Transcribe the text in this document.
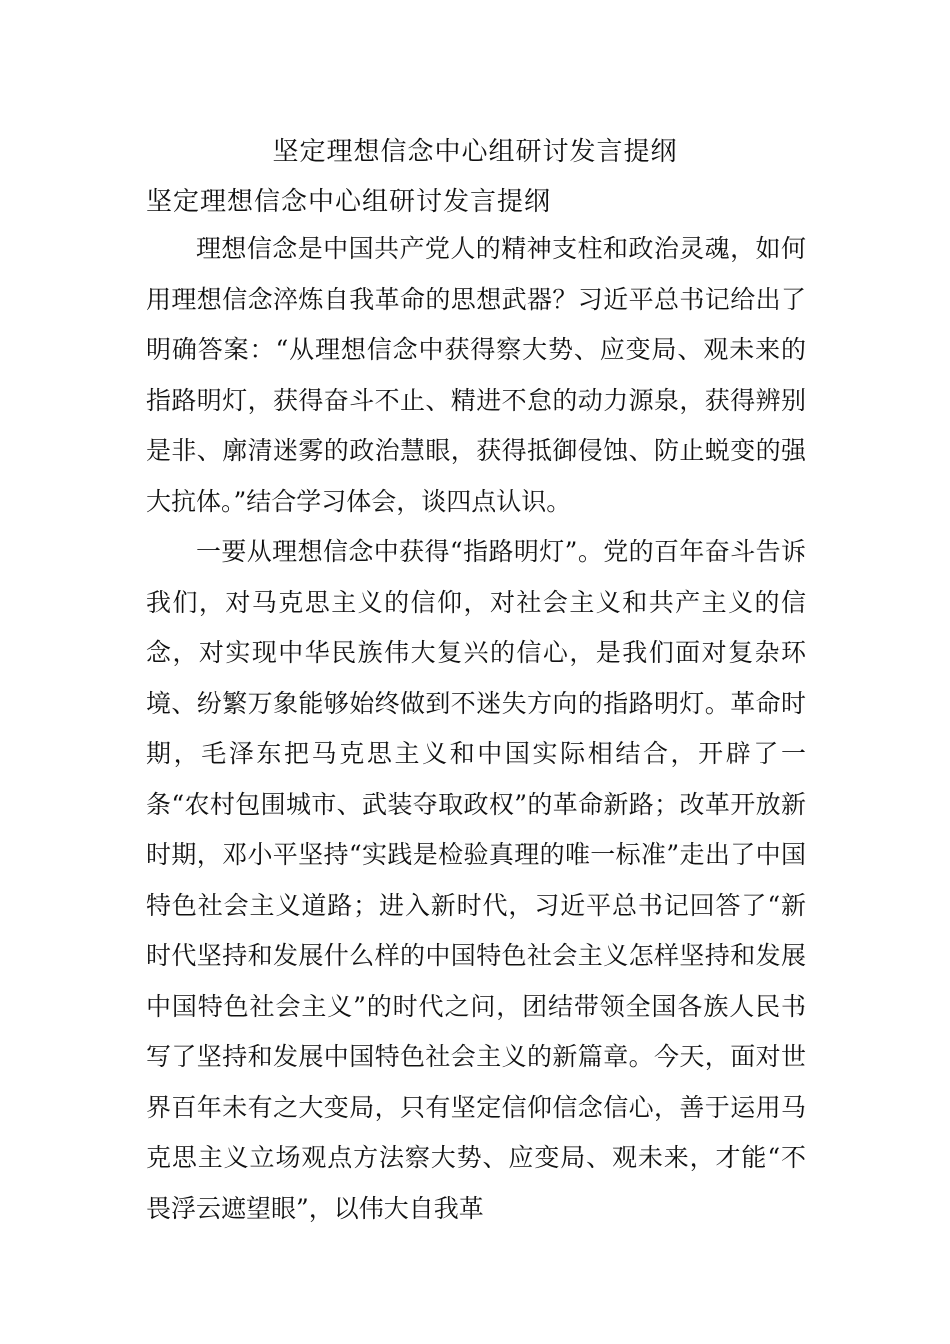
坚定理想信念中心组研讨发言提纲
坚定理想信念中心组研讨发言提纲

理想信念是中国共产党人的精神支柱和政治灵魂，如何用理想信念淬炼自我革命的思想武器？习近平总书记给出了明确答案：“从理想信念中获得察大势、应变局、观未来的指路明灯，获得奋斗不止、精进不怠的动力源泉，获得辨别是非、廓清迷雾的政治慧眼，获得抵御侵蚀、防止蜕变的强大抗体。”结合学习体会，谈四点认识。

一要从理想信念中获得“指路明灯”。党的百年奋斗告诉我们，对马克思主义的信仰，对社会主义和共产主义的信念，对实现中华民族伟大复兴的信心，是我们面对复杂环境、纷繁万象能够始终做到不迷失方向的指路明灯。革命时期，毛泽东把马克思主义和中国实际相结合，开辟了一条“农村包围城市、武装夺取政权”的革命新路；改革开放新时期，邓小平坚持“实践是检验真理的唯一标准”走出了中国特色社会主义道路；进入新时代，习近平总书记回答了“新时代坚持和发展什么样的中国特色社会主义怎样坚持和发展中国特色社会主义”的时代之问，团结带领全国各族人民书写了坚持和发展中国特色社会主义的新篇章。今天，面对世界百年未有之大变局，只有坚定信仰信念信心，善于运用马克思主义立场观点方法察大势、应变局、观未来，才能“不畏浮云遮望眼”，以伟大自我革
